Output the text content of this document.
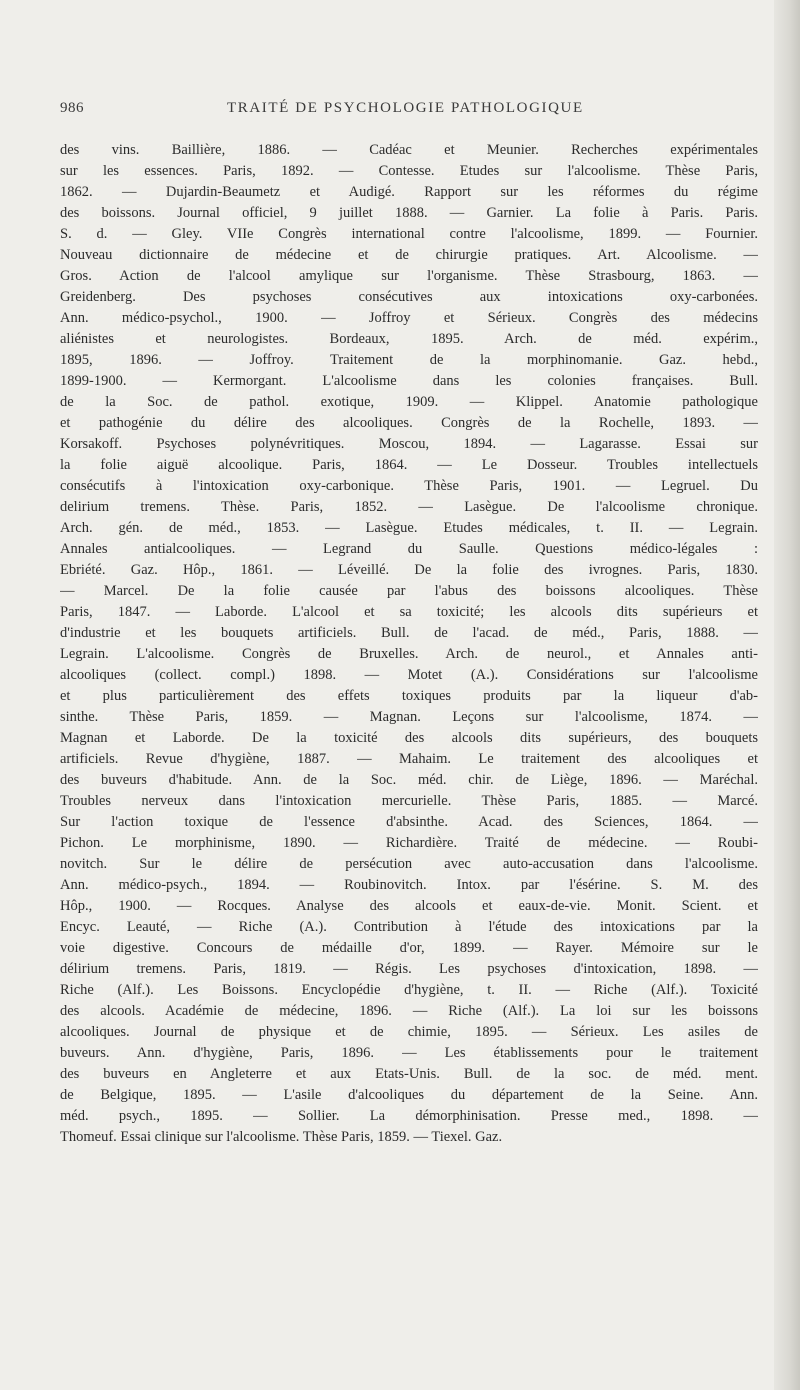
986	TRAITÉ DE PSYCHOLOGIE PATHOLOGIQUE
des vins. Baillière, 1886. — Cadéac et Meunier. Recherches expérimentales
sur les essences. Paris, 1892. — Contesse. Etudes sur l'alcoolisme. Thèse Paris,
1862. — Dujardin-Beaumetz et Audigé. Rapport sur les réformes du régime
des boissons. Journal officiel, 9 juillet 1888. — Garnier. La folie à Paris. Paris.
S. d. — Gley. VIIe Congrès international contre l'alcoolisme, 1899. — Fournier.
Nouveau dictionnaire de médecine et de chirurgie pratiques. Art. Alcoolisme. —
Gros. Action de l'alcool amylique sur l'organisme. Thèse Strasbourg, 1863. —
Greidenberg. Des psychoses consécutives aux intoxications oxy-carbonées.
Ann. médico-psychol., 1900. — Joffroy et Sérieux. Congrès des médecins
aliénistes et neurologistes. Bordeaux, 1895. Arch. de méd. expérim.,
1895, 1896. — Joffroy. Traitement de la morphinomanie. Gaz. hebd.,
1899-1900. — Kermorgant. L'alcoolisme dans les colonies françaises. Bull.
de la Soc. de pathol. exotique, 1909. — Klippel. Anatomie pathologique
et pathogénie du délire des alcooliques. Congrès de la Rochelle, 1893. —
Korsakoff. Psychoses polynévritiques. Moscou, 1894. — Lagarasse. Essai sur
la folie aiguë alcoolique. Paris, 1864. — Le Dosseur. Troubles intellectuels
consécutifs à l'intoxication oxy-carbonique. Thèse Paris, 1901. — Legruel. Du
delirium tremens. Thèse. Paris, 1852. — Lasègue. De l'alcoolisme chronique.
Arch. gén. de méd., 1853. — Lasègue. Etudes médicales, t. II. — Legrain.
Annales antialcooliques. — Legrand du Saulle. Questions médico-légales :
Ebriété. Gaz. Hôp., 1861. — Léveillé. De la folie des ivrognes. Paris, 1830.
— Marcel. De la folie causée par l'abus des boissons alcooliques. Thèse
Paris, 1847. — Laborde. L'alcool et sa toxicité; les alcools dits supérieurs et
d'industrie et les bouquets artificiels. Bull. de l'acad. de méd., Paris, 1888. —
Legrain. L'alcoolisme. Congrès de Bruxelles. Arch. de neurol., et Annales anti-
alcooliques (collect. compl.) 1898. — Motet (A.). Considérations sur l'alcoolisme
et plus particulièrement des effets toxiques produits par la liqueur d'ab-
sinthe. Thèse Paris, 1859. — Magnan. Leçons sur l'alcoolisme, 1874. —
Magnan et Laborde. De la toxicité des alcools dits supérieurs, des bouquets
artificiels. Revue d'hygiène, 1887. — Mahaim. Le traitement des alcooliques et
des buveurs d'habitude. Ann. de la Soc. méd. chir. de Liège, 1896. — Maréchal.
Troubles nerveux dans l'intoxication mercurielle. Thèse Paris, 1885. — Marcé.
Sur l'action toxique de l'essence d'absinthe. Acad. des Sciences, 1864. —
Pichon. Le morphinisme, 1890. — Richardière. Traité de médecine. — Roubi-
novitch. Sur le délire de persécution avec auto-accusation dans l'alcoolisme.
Ann. médico-psych., 1894. — Roubinovitch. Intox. par l'ésérine. S. M. des
Hôp., 1900. — Rocques. Analyse des alcools et eaux-de-vie. Monit. Scient. et
Encyc. Leauté, — Riche (A.). Contribution à l'étude des intoxications par la
voie digestive. Concours de médaille d'or, 1899. — Rayer. Mémoire sur le
délirium tremens. Paris, 1819. — Régis. Les psychoses d'intoxication, 1898. —
Riche (Alf.). Les Boissons. Encyclopédie d'hygiène, t. II. — Riche (Alf.). Toxicité
des alcools. Académie de médecine, 1896. — Riche (Alf.). La loi sur les boissons
alcooliques. Journal de physique et de chimie, 1895. — Sérieux. Les asiles de
buveurs. Ann. d'hygiène, Paris, 1896. — Les établissements pour le traitement
des buveurs en Angleterre et aux Etats-Unis. Bull. de la soc. de méd. ment.
de Belgique, 1895. — L'asile d'alcooliques du département de la Seine. Ann.
méd. psych., 1895. — Sollier. La démorphinisation. Presse med., 1898. —
Thomeuf. Essai clinique sur l'alcoolisme. Thèse Paris, 1859. — Tiexel. Gaz.
